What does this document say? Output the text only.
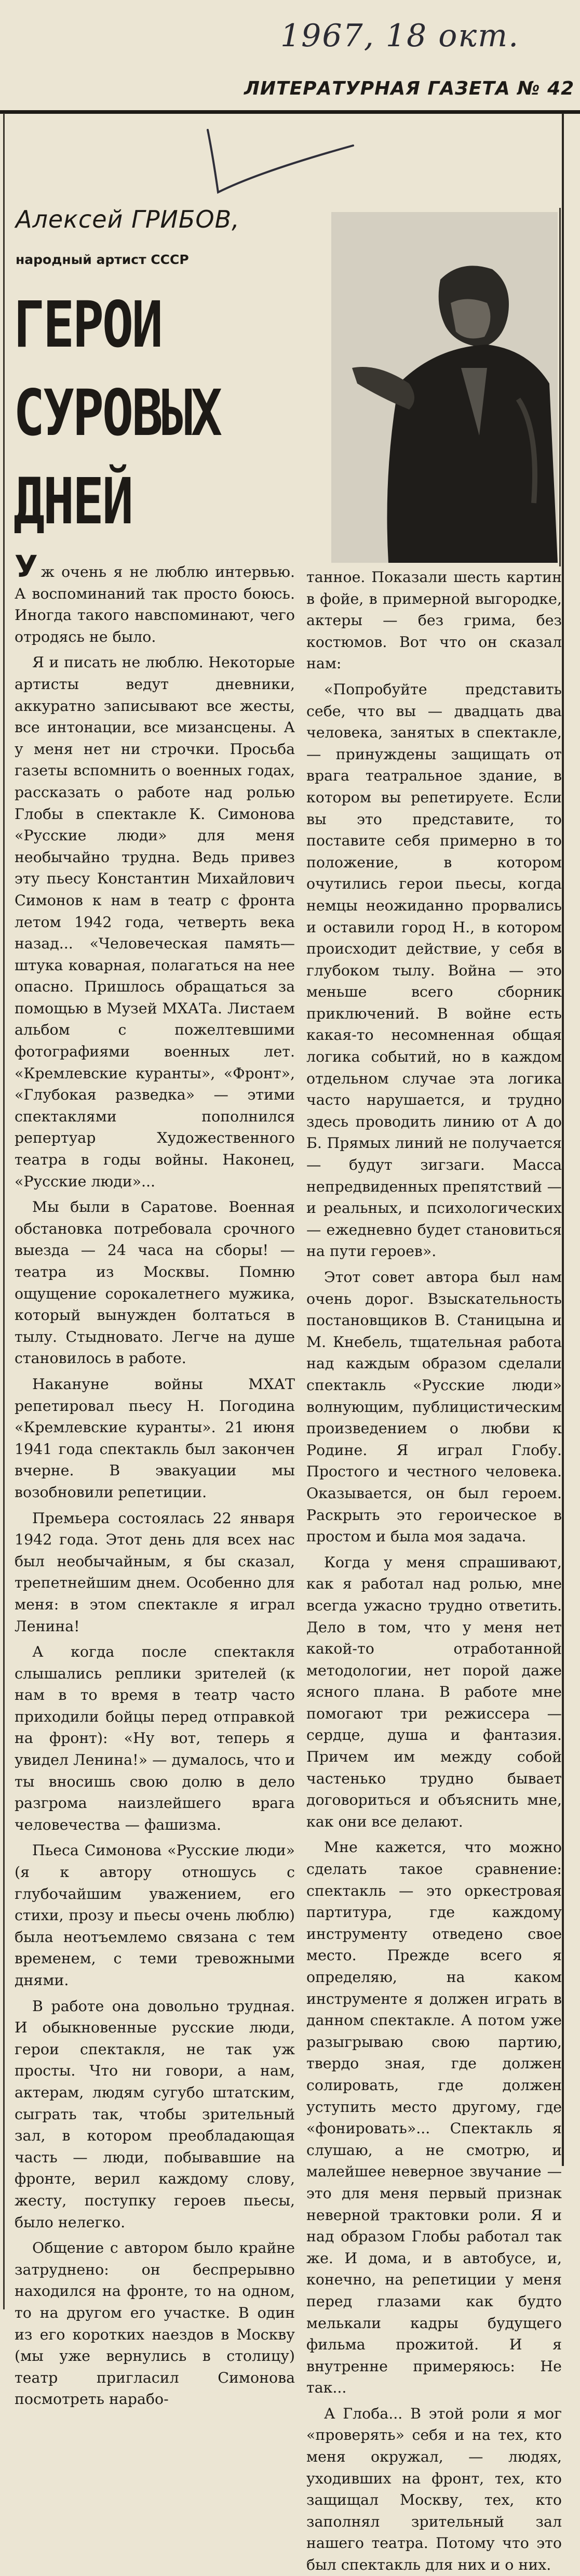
1967, 18 окт.
ЛИТЕРАТУРНАЯ ГАЗЕТА № 42
Алексей ГРИБОВ,
народный артист СССР
ГЕРОИ
СУРОВЫХ
ДНЕЙ

Уж очень я не люблю интервью. А воспоминаний так просто боюсь. Иногда такого навспоминают, чего отродясь не было.

Я и писать не люблю. Некоторые артисты ведут дневники, аккуратно записывают все жесты, все интонации, все мизансцены. А у меня нет ни строчки. Просьба газеты вспомнить о военных годах, рассказать о работе над ролью Глобы в спектакле К. Симонова «Русские люди» для меня необычайно трудна. Ведь привез эту пьесу Константин Михайлович Симонов к нам в театр с фронта летом 1942 года, четверть века назад... «Человеческая память— штука коварная, полагаться на нее опасно. Пришлось обращаться за помощью в Музей МХАТа. Листаем альбом с пожелтевшими фотографиями военных лет. «Кремлевские куранты», «Фронт», «Глубокая разведка» — этими спектаклями пополнился репертуар Художественного театра в годы войны. Наконец, «Русские люди»...

Мы были в Саратове. Военная обстановка потребовала срочного выезда — 24 часа на сборы! — театра из Москвы. Помню ощущение сорокалетнего мужика, который вынужден болтаться в тылу. Стыдновато. Легче на душе становилось в работе.

Накануне войны МХАТ репетировал пьесу Н. Погодина «Кремлевские куранты». 21 июня 1941 года спектакль был закончен вчерне. В эвакуации мы возобновили репетиции.

Премьера состоялась 22 января 1942 года. Этот день для всех нас был необычайным, я бы сказал, трепетнейшим днем. Особенно для меня: в этом спектакле я играл Ленина!

А когда после спектакля слышались реплики зрителей (к нам в то время в театр часто приходили бойцы перед отправкой на фронт): «Ну вот, теперь я увидел Ленина!» — думалось, что и ты вносишь свою долю в дело разгрома наизлейшего врага человечества — фашизма.

Пьеса Симонова «Русские люди» (я к автору отношусь с глубочайшим уважением, его стихи, прозу и пьесы очень люблю) была неотъемлемо связана с тем временем, с теми тревожными днями.

В работе она довольно трудная. И обыкновенные русские люди, герои спектакля, не так уж просты. Что ни говори, а нам, актерам, людям сугубо штатским, сыграть так, чтобы зрительный зал, в котором преобладающая часть — люди, побывавшие на фронте, верил каждому слову, жесту, поступку героев пьесы, было нелегко.

Общение с автором было крайне затруднено: он беспрерывно находился на фронте, то на одном, то на другом его участке. В один из его коротких наездов в Москву (мы уже вернулись в столицу) театр пригласил Симонова посмотреть нарабо-

танное. Показали шесть картин в фойе, в примерной выгородке, актеры — без грима, без костюмов. Вот что он сказал нам:

«Попробуйте представить себе, что вы — двадцать два человека, занятых в спектакле,— принуждены защищать от врага театральное здание, в котором вы репетируете. Если вы это представите, то поставите себя примерно в то положение, в котором очутились герои пьесы, когда немцы неожиданно прорвались и оставили город Н., в котором происходит действие, у себя в глубоком тылу. Война — это меньше всего сборник приключений. В войне есть какая-то несомненная общая логика событий, но в каждом отдельном случае эта логика часто нарушается, и трудно здесь проводить линию от А до Б. Прямых линий не получается — будут зигзаги. Масса непредвиденных препятствий — и реальных, и психологических — ежедневно будет становиться на пути героев».

Этот совет автора был нам очень дорог. Взыскательность постановщиков В. Станицына и М. Кнебель, тщательная работа над каждым образом сделали спектакль «Русские люди» волнующим, публицистическим произведением о любви к Родине. Я играл Глобу. Простого и честного человека. Оказывается, он был героем. Раскрыть это героическое в простом и была моя задача.

Когда у меня спрашивают, как я работал над ролью, мне всегда ужасно трудно ответить. Дело в том, что у меня нет какой-то отработанной методологии, нет порой даже ясного плана. В работе мне помогают три режиссера — сердце, душа и фантазия. Причем им между собой частенько трудно бывает договориться и объяснить мне, как они все делают.

Мне кажется, что можно сделать такое сравнение: спектакль — это оркестровая партитура, где каждому инструменту отведено свое место. Прежде всего я определяю, на каком инструменте я должен играть в данном спектакле. А потом уже разыгрываю свою партию, твердо зная, где должен солировать, где должен уступить место другому, где «фонировать»... Спектакль я слушаю, а не смотрю, и малейшее неверное звучание — это для меня первый признак неверной трактовки роли. Я и над образом Глобы работал так же. И дома, и в автобусе, и, конечно, на репетиции у меня перед глазами как будто мелькали кадры будущего фильма прожитой. И я внутренне примеряюсь: Не так...

А Глоба... В этой роли я мог «проверять» себя и на тех, кто меня окружал, — людях, уходивших на фронт, тех, кто защищал Москву, тех, кто заполнял зрительный зал нашего театра. Потому что это был спектакль для них и о них.
